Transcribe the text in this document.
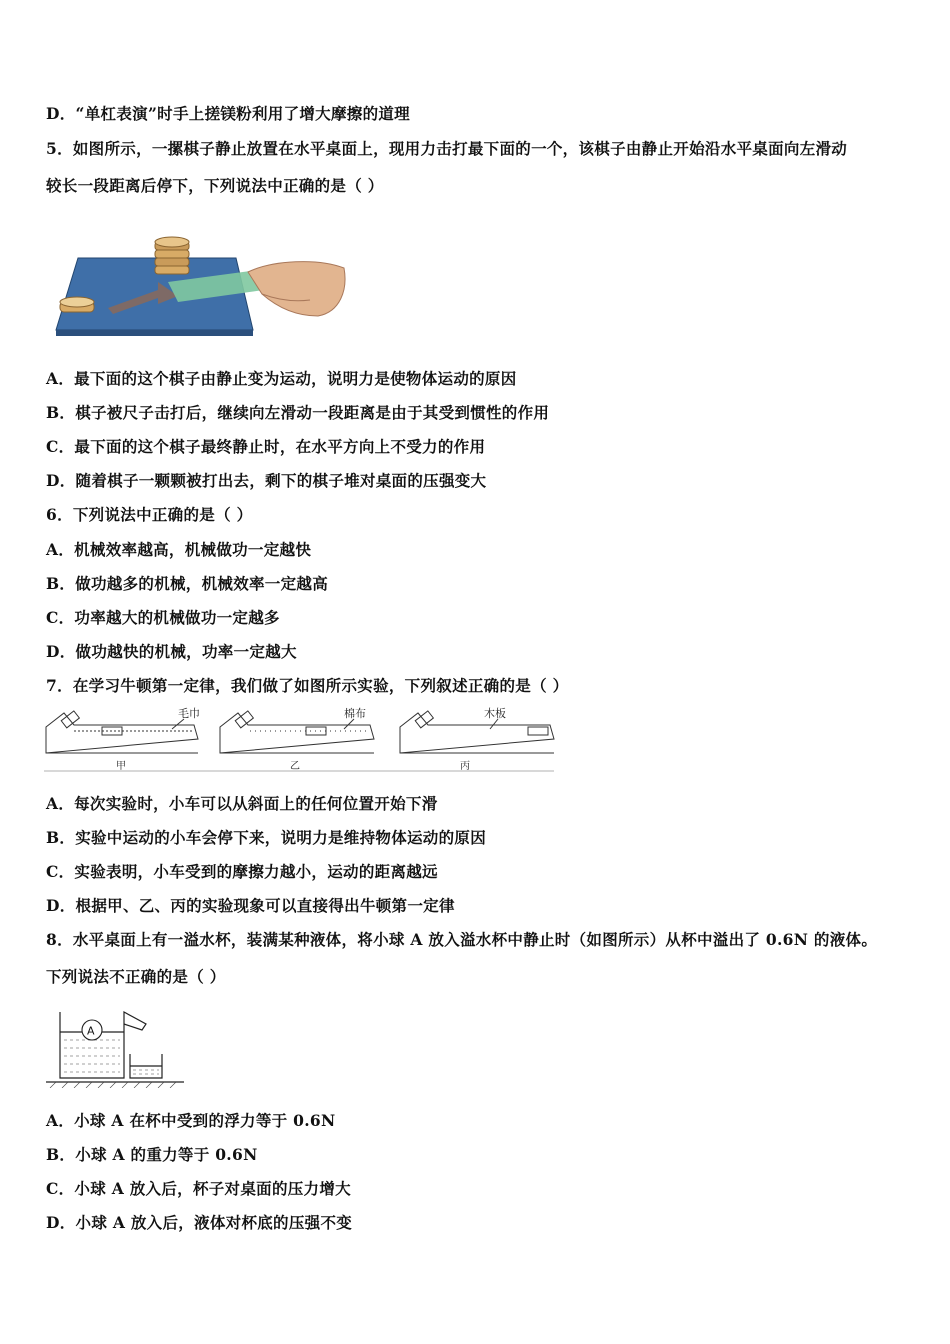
D．“单杠表演”时手上搓镁粉利用了增大摩擦的道理
5．如图所示，一摞棋子静止放置在水平桌面上，现用力击打最下面的一个，该棋子由静止开始沿水平桌面向左滑动
较长一段距离后停下，下列说法中正确的是（ ）
A．最下面的这个棋子由静止变为运动，说明力是使物体运动的原因
B．棋子被尺子击打后，继续向左滑动一段距离是由于其受到惯性的作用
C．最下面的这个棋子最终静止时，在水平方向上不受力的作用
D．随着棋子一颗颗被打出去，剩下的棋子堆对桌面的压强变大
6．下列说法中正确的是（ ）
A．机械效率越高，机械做功一定越快
B．做功越多的机械，机械效率一定越高
C．功率越大的机械做功一定越多
D．做功越快的机械，功率一定越大
7．在学习牛顿第一定律，我们做了如图所示实验，下列叙述正确的是（ ）
毛巾	棉布	木板
甲	乙	丙
A．每次实验时，小车可以从斜面上的任何位置开始下滑
B．实验中运动的小车会停下来，说明力是维持物体运动的原因
C．实验表明，小车受到的摩擦力越小，运动的距离越远
D．根据甲、乙、丙的实验现象可以直接得出牛顿第一定律
8．水平桌面上有一溢水杯，装满某种液体，将小球 A 放入溢水杯中静止时（如图所示）从杯中溢出了 0.6N 的液体。
下列说法不正确的是（ ）
A
A．小球 A 在杯中受到的浮力等于 0.6N
B．小球 A 的重力等于 0.6N
C．小球 A 放入后，杯子对桌面的压力增大
D．小球 A 放入后，液体对杯底的压强不变
